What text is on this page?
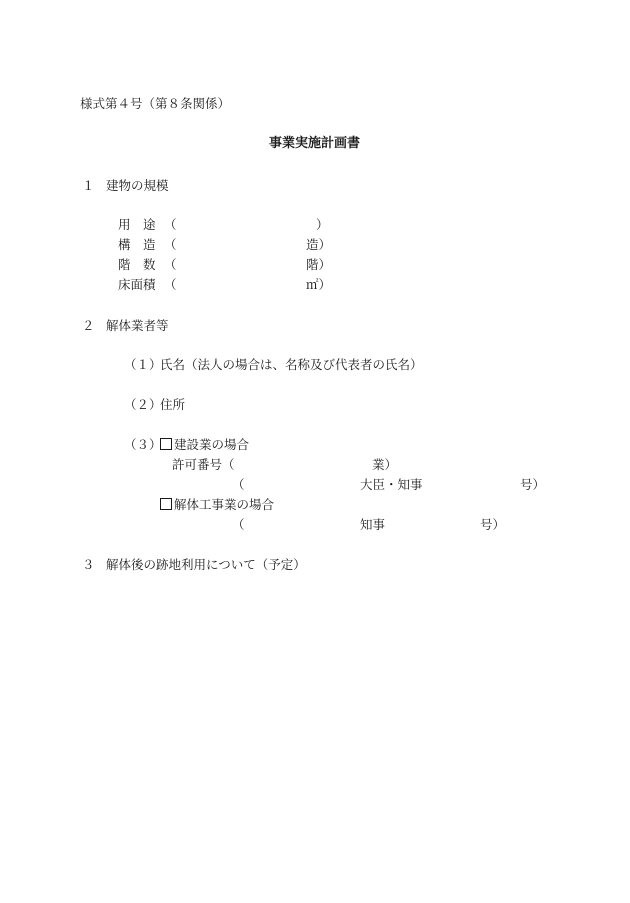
様式第４号（第８条関係）
事業実施計画書
１ 建物の規模
用　途 （	）
構　造 （	造）
階　数 （	階）
床面積 （	㎡）
２ 解体業者等
（１）
氏名（法人の場合は、名称及び代表者の氏名）
（２）
住所
（３） 建設業の場合
許可番号（	業）
（	大臣・知事	号）
解体工事業の場合
（	知事	号）
３ 解体後の跡地利用について（予定）
